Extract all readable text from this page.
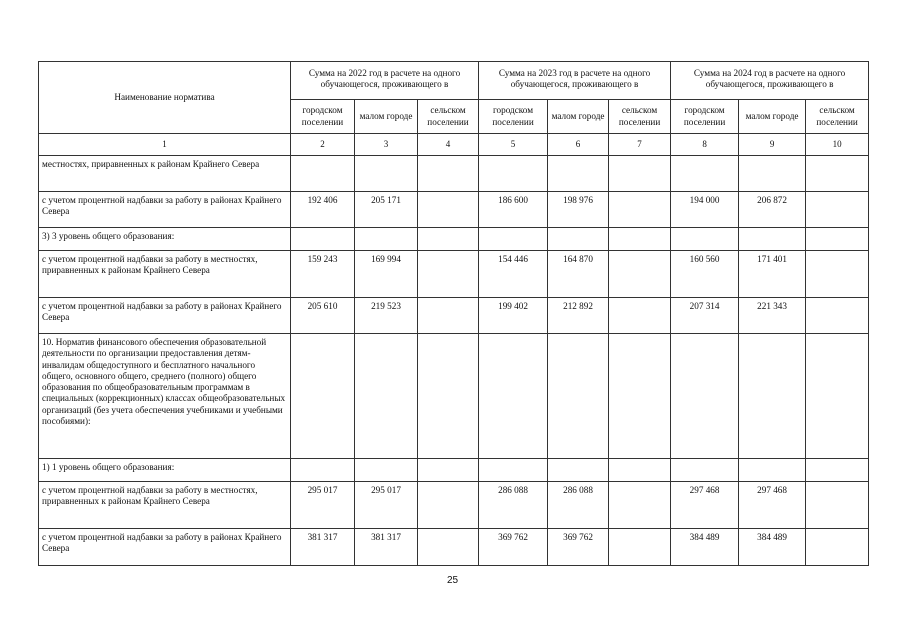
Наименование норматива	Сумма на 2022 год в расчете на одного обучающегося, проживающего в			Сумма на 2023 год в расчете на одного обучающегося, проживающего в			Сумма на 2024 год в расчете на одного обучающегося, проживающего в		
	городском поселении	малом городе	сельском поселении	городском поселении	малом городе	сельском поселении	городском поселении	малом городе	сельском поселении
1	2	3	4	5	6	7	8	9	10
местностях, приравненных к районам Крайнего Севера									
с учетом процентной надбавки за работу в районах Крайнего Севера	192 406	205 171		186 600	198 976		194 000	206 872	
3) 3 уровень общего образования:									
с учетом процентной надбавки за работу в местностях, приравненных к районам Крайнего Севера	159 243	169 994		154 446	164 870		160 560	171 401	
с учетом процентной надбавки за работу в районах Крайнего Севера	205 610	219 523		199 402	212 892		207 314	221 343	
10. Норматив финансового обеспечения образовательной деятельности по организации предоставления детям-инвалидам общедоступного и бесплатного начального общего, основного общего, среднего (полного) общего образования по общеобразовательным программам в специальных (коррекционных) классах общеобразовательных организаций (без учета обеспечения учебниками и учебными пособиями):									
1) 1 уровень общего образования:									
с учетом процентной надбавки за работу в местностях, приравненных к районам Крайнего Севера	295 017	295 017		286 088	286 088		297 468	297 468	
с учетом процентной надбавки за работу в районах Крайнего Севера	381 317	381 317		369 762	369 762		384 489	384 489	
25
